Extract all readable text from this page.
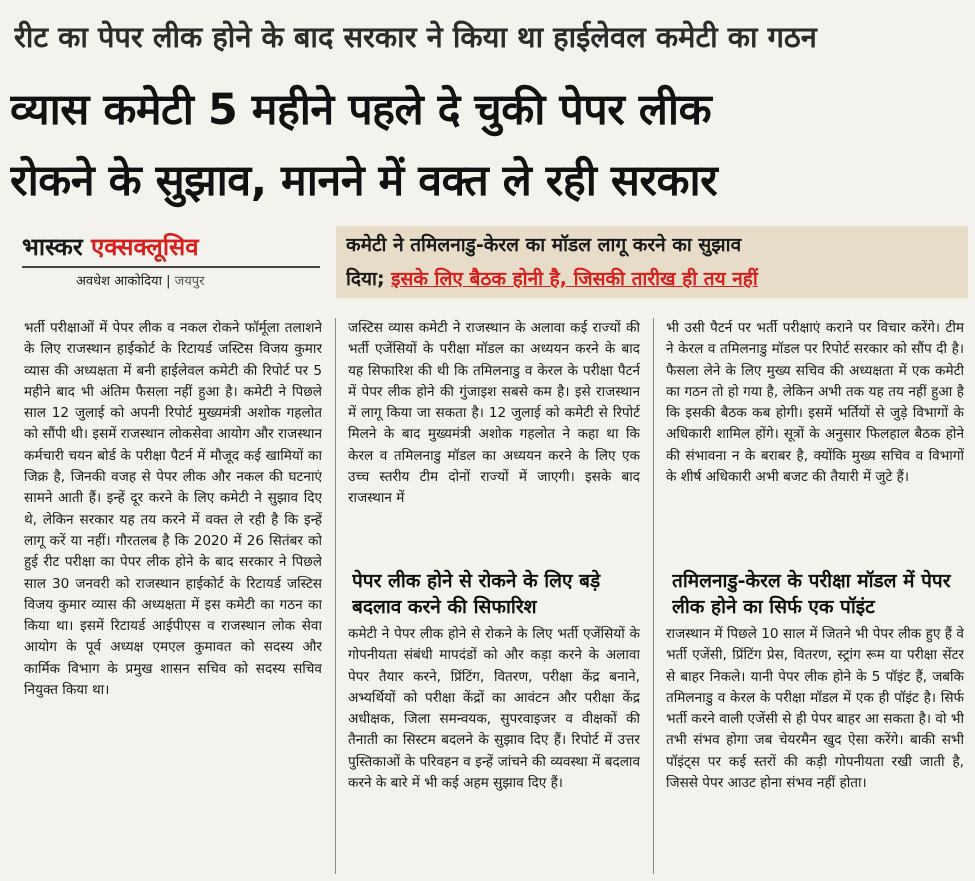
रीट का पेपर लीक होने के बाद सरकार ने किया था हाईलेवल कमेटी का गठन
व्यास कमेटी 5 महीने पहले दे चुकी पेपर लीक
रोकने के सुझाव, मानने में वक्त ले रही सरकार
भास्कर एक्सक्लूसिव
अवधेश आकोदिया | जयपुर
कमेटी ने तमिलनाडु-केरल का मॉडल लागू करने का सुझाव
दिया; इसके लिए बैठक होनी है, जिसकी तारीख ही तय नहीं
भर्ती परीक्षाओं में पेपर लीक व नकल रोकने फॉर्मूला तलाशने के लिए राजस्थान हाईकोर्ट के रिटायर्ड जस्टिस विजय कुमार व्यास की अध्यक्षता में बनी हाईलेवल कमेटी की रिपोर्ट पर 5 महीने बाद भी अंतिम फैसला नहीं हुआ है। कमेटी ने पिछले साल 12 जुलाई को अपनी रिपोर्ट मुख्यमंत्री अशोक गहलोत को सौंपी थी। इसमें राजस्थान लोकसेवा आयोग और राजस्थान कर्मचारी चयन बोर्ड के परीक्षा पैटर्न में मौजूद कई खामियों का जिक्र है, जिनकी वजह से पेपर लीक और नकल की घटनाएं सामने आती हैं। इन्हें दूर करने के लिए कमेटी ने सुझाव दिए थे, लेकिन सरकार यह तय करने में वक्त ले रही है कि इन्हें लागू करें या नहीं। गौरतलब है कि 2020 में 26 सितंबर को हुई रीट परीक्षा का पेपर लीक होने के बाद सरकार ने पिछले साल 30 जनवरी को राजस्थान हाईकोर्ट के रिटायर्ड जस्टिस विजय कुमार व्यास की अध्यक्षता में इस कमेटी का गठन का किया था। इसमें रिटायर्ड आईपीएस व राजस्थान लोक सेवा आयोग के पूर्व अध्यक्ष एमएल कुमावत को सदस्य और कार्मिक विभाग के प्रमुख शासन सचिव को सदस्य सचिव नियुक्त किया था।
जस्टिस व्यास कमेटी ने राजस्थान के अलावा कई राज्यों की भर्ती एजेंसियों के परीक्षा मॉडल का अध्ययन करने के बाद यह सिफारिश की थी कि तमिलनाडु व केरल के परीक्षा पैटर्न में पेपर लीक होने की गुंजाइश सबसे कम है। इसे राजस्थान में लागू किया जा सकता है। 12 जुलाई को कमेटी से रिपोर्ट मिलने के बाद मुख्यमंत्री अशोक गहलोत ने कहा था कि केरल व तमिलनाडु मॉडल का अध्ययन करने के लिए एक उच्च स्तरीय टीम दोनों राज्यों में जाएगी। इसके बाद राजस्थान में
भी उसी पैटर्न पर भर्ती परीक्षाएं कराने पर विचार करेंगे। टीम ने केरल व तमिलनाडु मॉडल पर रिपोर्ट सरकार को सौंप दी है। फैसला लेने के लिए मुख्य सचिव की अध्यक्षता में एक कमेटी का गठन तो हो गया है, लेकिन अभी तक यह तय नहीं हुआ है कि इसकी बैठक कब होगी। इसमें भर्तियों से जुड़े विभागों के अधिकारी शामिल होंगे। सूत्रों के अनुसार फिलहाल बैठक होने की संभावना न के बराबर है, क्योंकि मुख्य सचिव व विभागों के शीर्ष अधिकारी अभी बजट की तैयारी में जुटे हैं।
पेपर लीक होने से रोकने के लिए बड़े बदलाव करने की सिफारिश
तमिलनाडु-केरल के परीक्षा मॉडल में पेपर लीक होने का सिर्फ एक पॉइंट
कमेटी ने पेपर लीक होने से रोकने के लिए भर्ती एजेंसियों के गोपनीयता संबंधी मापदंडों को और कड़ा करने के अलावा पेपर तैयार करने, प्रिंटिंग, वितरण, परीक्षा केंद्र बनाने, अभ्यर्थियों को परीक्षा केंद्रों का आवंटन और परीक्षा केंद्र अधीक्षक, जिला समन्वयक, सुपरवाइजर व वीक्षकों की तैनाती का सिस्टम बदलने के सुझाव दिए हैं। रिपोर्ट में उत्तर पुस्तिकाओं के परिवहन व इन्हें जांचने की व्यवस्था में बदलाव करने के बारे में भी कई अहम सुझाव दिए हैं।
राजस्थान में पिछले 10 साल में जितने भी पेपर लीक हुए हैं वे भर्ती एजेंसी, प्रिंटिंग प्रेस, वितरण, स्ट्रांग रूम या परीक्षा सेंटर से बाहर निकले। यानी पेपर लीक होने के 5 पॉइंट हैं, जबकि तमिलनाडु व केरल के परीक्षा मॉडल में एक ही पॉइंट है। सिर्फ भर्ती करने वाली एजेंसी से ही पेपर बाहर आ सकता है। वो भी तभी संभव होगा जब चेयरमैन खुद ऐसा करेंगे। बाकी सभी पॉइंट्स पर कई स्तरों की कड़ी गोपनीयता रखी जाती है, जिससे पेपर आउट होना संभव नहीं होता।
